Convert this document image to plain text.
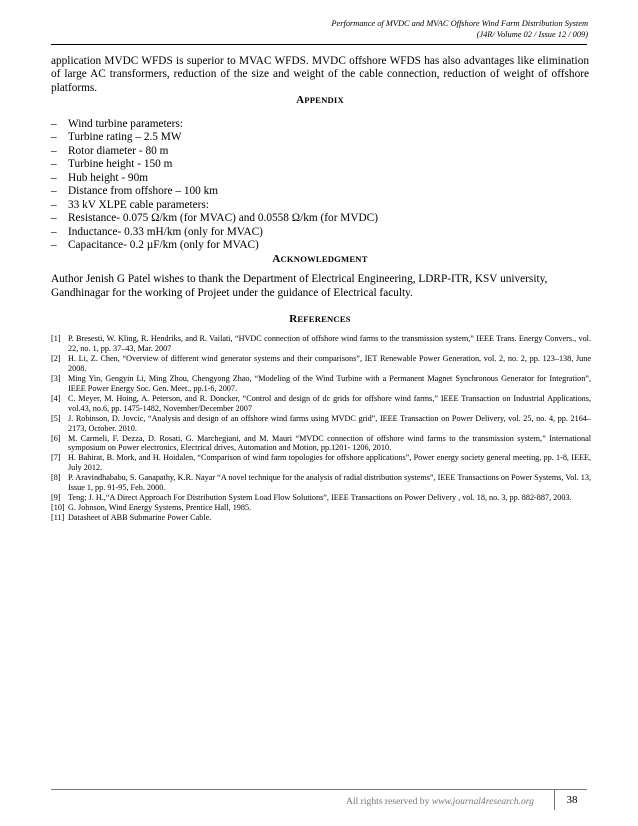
Performance of MVDC and MVAC Offshore Wind Farm Distribution System
(J4R/ Volume 02 / Issue 12 / 009)

application MVDC WFDS is superior to MVAC WFDS. MVDC offshore WFDS has also advantages like elimination of large AC transformers, reduction of the size and weight of the cable connection, reduction of weight of offshore platforms.

APPENDIX
– Wind turbine parameters:
– Turbine rating – 2.5 MW
– Rotor diameter - 80 m
– Turbine height - 150 m
– Hub height - 90m
– Distance from offshore – 100 km
– 33 kV XLPE cable parameters:
– Resistance- 0.075 Ω/km (for MVAC) and 0.0558 Ω/km (for MVDC)
– Inductance- 0.33 mH/km (only for MVAC)
– Capacitance- 0.2 µF/km (only for MVAC)
ACKNOWLEDGMENT

Author Jenish G Patel wishes to thank the Department of Electrical Engineering, LDRP-ITR, KSV university, Gandhinagar for the working of Projeet under the guidance of Electrical faculty.

REFERENCES
[1] P. Bresesti, W. Kling, R. Hendriks, and R. Vailati, “HVDC connection of offshore wind farms to the transmission system,” IEEE Trans. Energy Convers., vol. 22, no. 1, pp. 37–43, Mar. 2007
[2] H. Li, Z. Chen, “Overview of different wind generator systems and their comparisons”, IET Renewable Power Generation, vol. 2, no. 2, pp. 123–138, June 2008.
[3] Ming Yin, Gengyin Li, Ming Zhou, Chengyong Zhao, “Modeling of the Wind Turbine with a Permanent Magnet Synchronous Generator for Integration”, IEEE Power Energy Soc. Gen. Meet., pp.1-6, 2007.
[4] C. Meyer, M. Hoing, A. Peterson, and R. Doncker, “Control and design of dc grids for offshore wind farms,” IEEE Transaction on Industrial Applications, vol.43, no.6, pp. 1475-1482, November/December 2007
[5] J. Robinson, D. Jovcic, “Analysis and design of an offshore wind farms using MVDC grid”, IEEE Transaction on Power Delivery, vol. 25, no. 4, pp. 2164–2173, October. 2010.
[6] M. Carmeli, F. Dezza, D. Rosati, G. Marchegiani, and M. Mauri “MVDC connection of offshore wind farms to the transmission system,” International symposium on Power electronics, Electrical drives, Automation and Motion, pp.1201- 1206, 2010.
[7] H. Bahirat, B. Mork, and H. Hoidalen, “Comparison of wind farm topologies for offshore applications”, Power energy society general meeting, pp. 1-8, IEEE, July 2012.
[8] P. Aravindhababu, S. Ganapathy, K.R. Nayar “A novel technique for the analysis of radial distribution systems”, IEEE Transactions on Power Systems, Vol. 13, Issue 1, pp. 91-95, Feb. 2000.
[9] Teng; J. H.,“A Direct Approach For Distribution System Load Flow Solutions”, IEEE Transactions on Power Delivery , vol. 18, no. 3, pp. 882-887, 2003.
[10] G. Johnson, Wind Energy Systems, Prentice Hall, 1985.
[11] Datasheet of ABB Submarine Power Cable.
All rights reserved by www.journal4research.org	38
